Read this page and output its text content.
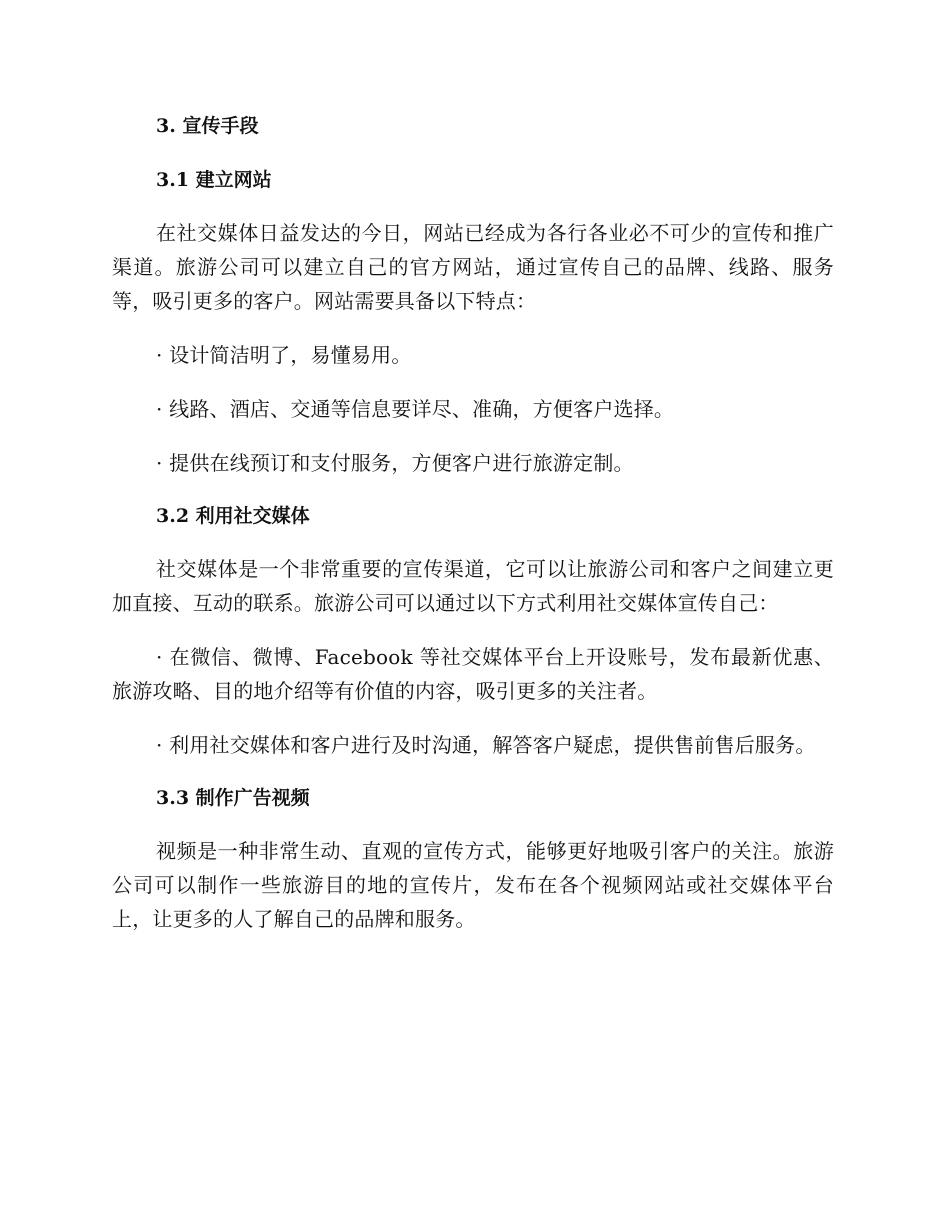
3. 宣传手段
3.1 建立网站

在社交媒体日益发达的今日，网站已经成为各行各业必不可少的宣传和推广渠道。旅游公司可以建立自己的官方网站，通过宣传自己的品牌、线路、服务等，吸引更多的客户。网站需要具备以下特点：

· 设计简洁明了，易懂易用。

· 线路、酒店、交通等信息要详尽、准确，方便客户选择。

· 提供在线预订和支付服务，方便客户进行旅游定制。

3.2 利用社交媒体

社交媒体是一个非常重要的宣传渠道，它可以让旅游公司和客户之间建立更加直接、互动的联系。旅游公司可以通过以下方式利用社交媒体宣传自己：

· 在微信、微博、Facebook 等社交媒体平台上开设账号，发布最新优惠、旅游攻略、目的地介绍等有价值的内容，吸引更多的关注者。

· 利用社交媒体和客户进行及时沟通，解答客户疑虑，提供售前售后服务。

3.3 制作广告视频

视频是一种非常生动、直观的宣传方式，能够更好地吸引客户的关注。旅游公司可以制作一些旅游目的地的宣传片，发布在各个视频网站或社交媒体平台上，让更多的人了解自己的品牌和服务。
